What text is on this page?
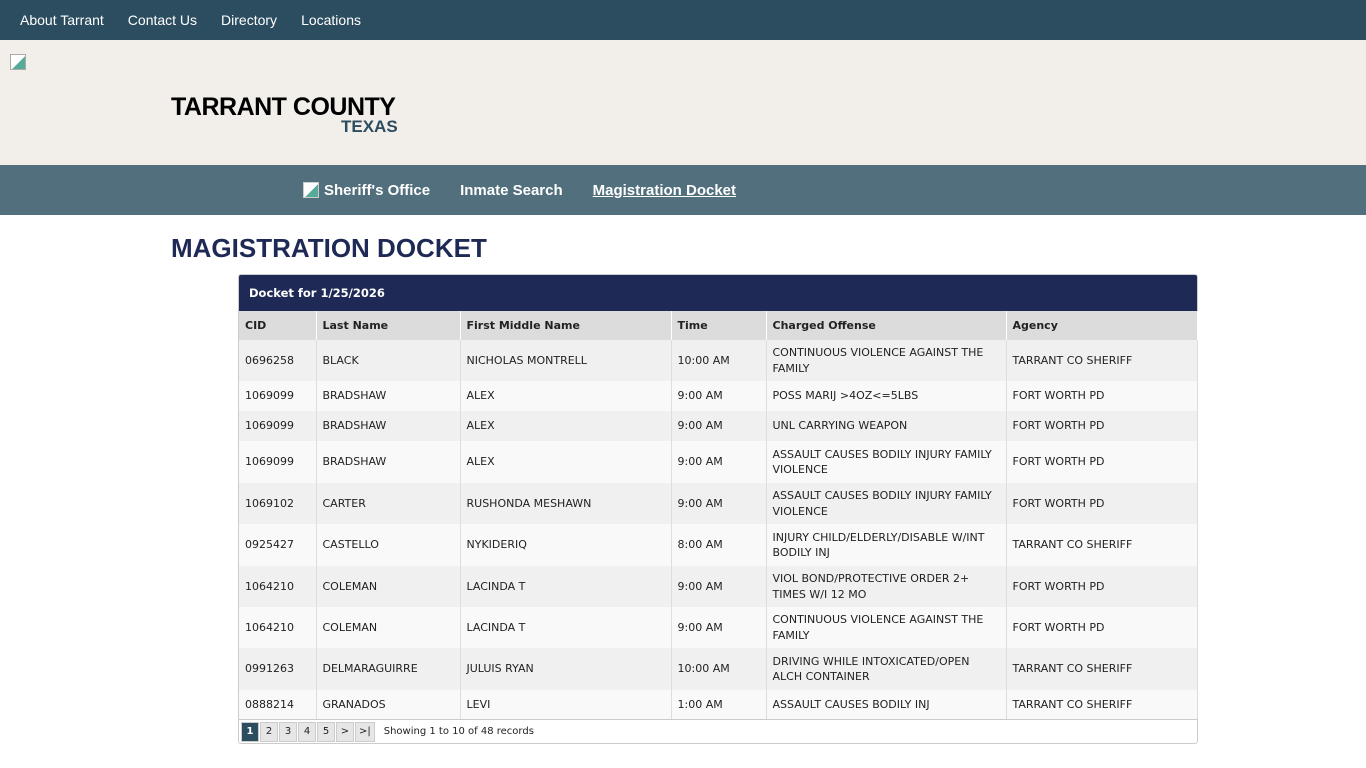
About Tarrant Contact Us Directory Locations
TARRANT COUNTY
TEXAS
Sheriff's Office Inmate Search Magistration Docket
MAGISTRATION DOCKET
Docket for 1/25/2026
CID	Last Name	First Middle Name	Time	Charged Offense	Agency
0696258	BLACK	NICHOLAS MONTRELL	10:00 AM	CONTINUOUS VIOLENCE AGAINST THE FAMILY	TARRANT CO SHERIFF
1069099	BRADSHAW	ALEX	9:00 AM	POSS MARIJ >4OZ<=5LBS	FORT WORTH PD
1069099	BRADSHAW	ALEX	9:00 AM	UNL CARRYING WEAPON	FORT WORTH PD
1069099	BRADSHAW	ALEX	9:00 AM	ASSAULT CAUSES BODILY INJURY FAMILY VIOLENCE	FORT WORTH PD
1069102	CARTER	RUSHONDA MESHAWN	9:00 AM	ASSAULT CAUSES BODILY INJURY FAMILY VIOLENCE	FORT WORTH PD
0925427	CASTELLO	NYKIDERIQ	8:00 AM	INJURY CHILD/ELDERLY/DISABLE W/INT BODILY INJ	TARRANT CO SHERIFF
1064210	COLEMAN	LACINDA T	9:00 AM	VIOL BOND/PROTECTIVE ORDER 2+ TIMES W/I 12 MO	FORT WORTH PD
1064210	COLEMAN	LACINDA T	9:00 AM	CONTINUOUS VIOLENCE AGAINST THE FAMILY	FORT WORTH PD
0991263	DELMARAGUIRRE	JULUIS RYAN	10:00 AM	DRIVING WHILE INTOXICATED/OPEN ALCH CONTAINER	TARRANT CO SHERIFF
0888214	GRANADOS	LEVI	1:00 AM	ASSAULT CAUSES BODILY INJ	TARRANT CO SHERIFF
1	2	3	4	5	> >|	Showing 1 to 10 of 48 records
